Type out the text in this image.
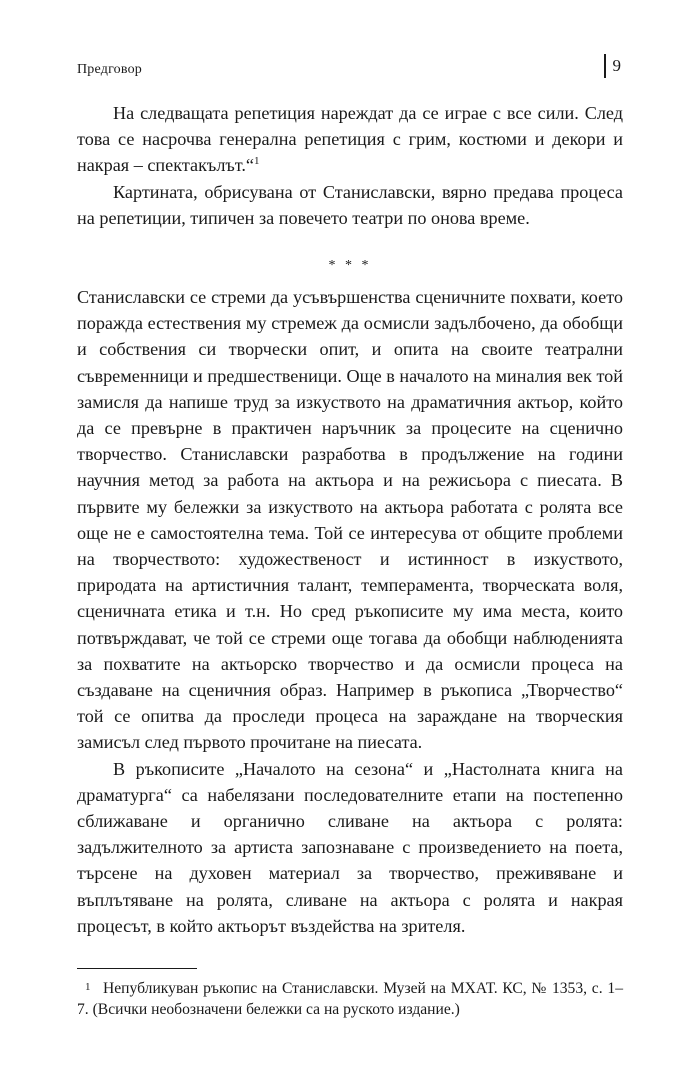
Предговор	9

На следващата репетиция нареждат да се играе с все сили. След това се насрочва генерална репетиция с грим, костюми и декори и накрая – спектакълът.“$^1$

Картината, обрисувана от Станиславски, вярно предава процеса на репетиции, типичен за повечето театри по онова време.

* * *

Станиславски се стреми да усъвършенства сценичните похвати, което поражда естествения му стремеж да осмисли задълбочено, да обобщи и собствения си творчески опит, и опита на своите театрални съвременници и предшественици. Още в началото на миналия век той замисля да напише труд за изкуството на драматичния актьор, който да се превърне в практичен наръчник за процесите на сценично творчество. Станиславски разработва в продължение на години научния метод за работа на актьора и на режисьора с пиесата. В първите му бележки за изкуството на актьора работата с ролята все още не е самостоятелна тема. Той се интересува от общите проблеми на творчеството: художественост и истинност в изкуството, природата на артистичния талант, темперамента, творческата воля, сценичната етика и т.н. Но сред ръкописите му има места, които потвърждават, че той се стреми още тогава да обобщи наблюденията за похватите на актьорско творчество и да осмисли процеса на създаване на сценичния образ. Например в ръкописа „Творчество“ той се опитва да проследи процеса на зараждане на творческия замисъл след първото прочитане на пиесата.

В ръкописите „Началото на сезона“ и „Настолната книга на драматурга“ са набелязани последователните етапи на постепенно сближаване и органично сливане на актьора с ролята: задължителното за артиста запознаване с произведението на поета, търсене на духовен материал за творчество, преживяване и въплътяване на ролята, сливане на актьора с ролята и накрая процесът, в който актьорът въздейства на зрителя.

1 Непубликуван ръкопис на Станиславски. Музей на МХАТ. КС, № 1353, с. 1–7. (Всички необозначени бележки са на руското издание.)
